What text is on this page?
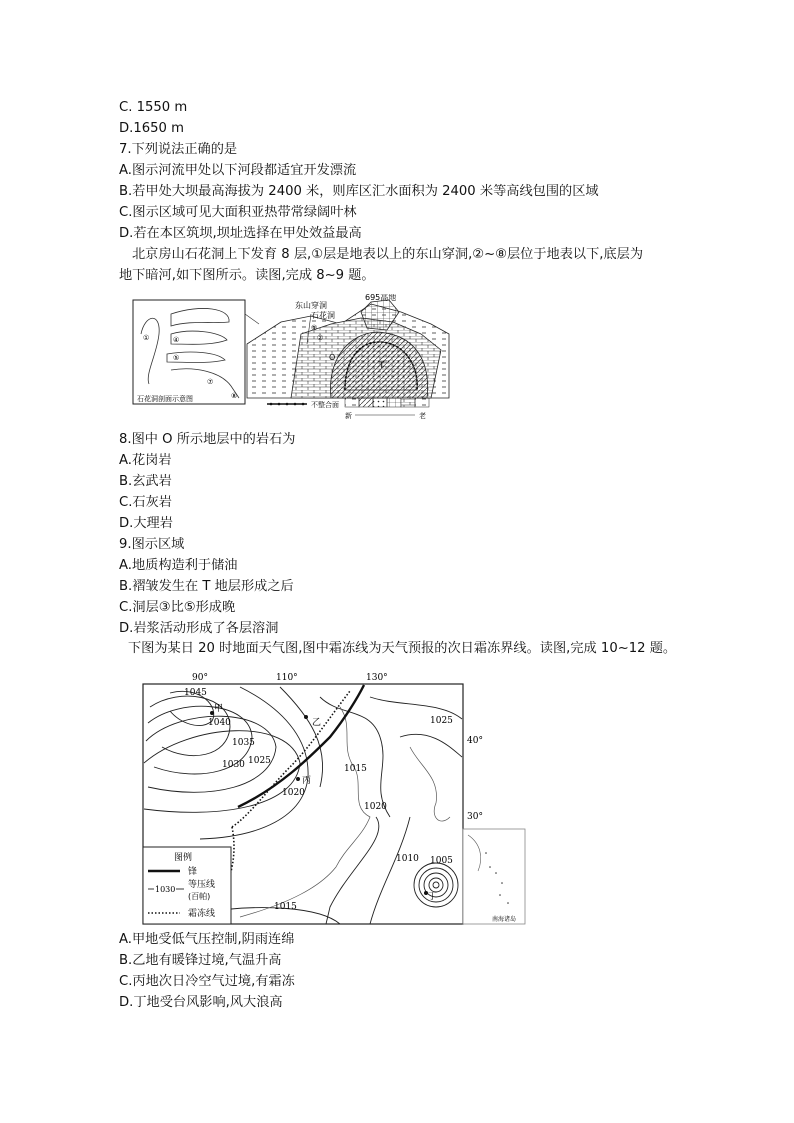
C. 1550 m
D.1650 m
7.下列说法正确的是
A.图示河流甲处以下河段都适宜开发漂流
B.若甲处大坝最高海拔为 2400 米，则库区汇水面积为 2400 米等高线包围的区域
C.图示区域可见大面积亚热带常绿阔叶林
D.若在本区筑坝,坝址选择在甲处效益最高
北京房山石花洞上下发育 8 层,①层是地表以上的东山穿洞,②~⑧层位于地表以下,底层为
地下暗河,如下图所示。读图,完成 8~9 题。
①	④
⑤
⑦
⑧
石花洞剖面示意图
T
O
东山穿洞
石花洞
695高地
①
②
不整合面
新	老
8.图中 O 所示地层中的岩石为
A.花岗岩
B.玄武岩
C.石灰岩
D.大理岩
9.图示区域
A.地质构造利于储油
B.褶皱发生在 T 地层形成之后
C.洞层③比⑤形成晚
D.岩浆活动形成了各层溶洞
下图为某日 20 时地面天气图,图中霜冻线为天气预报的次日霜冻界线。读图,完成 10~12 题。
90°	110°	130°
40°
30°
1045
1040
1035
1030 1025
1020
1015
1025
1020
1010 1005
1015
甲
乙
丙
丁
图例
锋
1030 等压线
(百帕)
霜冻线
南海诸岛
A.甲地受低气压控制,阴雨连绵
B.乙地有暖锋过境,气温升高
C.丙地次日冷空气过境,有霜冻
D.丁地受台风影响,风大浪高
